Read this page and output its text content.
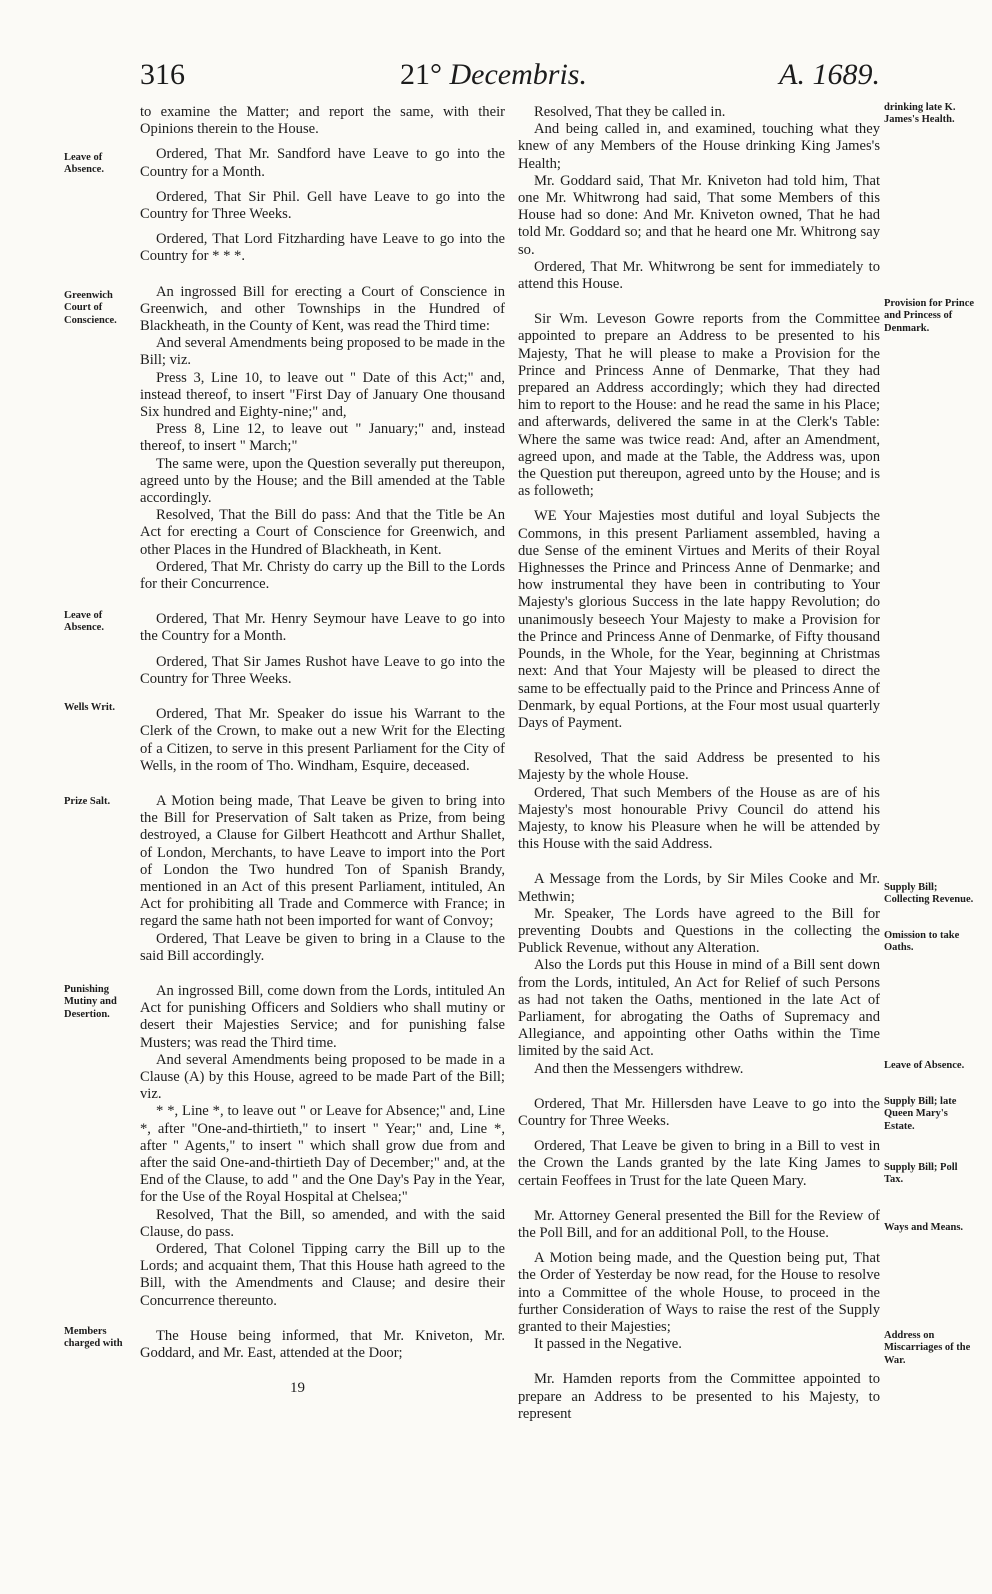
316	21° Decembris.	A. 1689.
Leave of Absence.
Greenwich Court of Conscience.
Leave of Absence.
Wells Writ.
Prize Salt.
Punishing Mutiny and Desertion.
Members charged with
drinking late K. James's Health.
Provision for Prince and Princess of Denmark.
Supply Bill; Collecting Revenue.
Omission to take Oaths.
Leave of Absence.
Supply Bill; late Queen Mary's Estate.
Supply Bill; Poll Tax.
Ways and Means.
Address on Miscarriages of the War.

to examine the Matter; and report the same, with their Opinions therein to the House.

Ordered, That Mr. Sandford have Leave to go into the Country for a Month.

Ordered, That Sir Phil. Gell have Leave to go into the Country for Three Weeks.

Ordered, That Lord Fitzharding have Leave to go into the Country for * * *.

An ingrossed Bill for erecting a Court of Conscience in Greenwich, and other Townships in the Hundred of Blackheath, in the County of Kent, was read the Third time:

And several Amendments being proposed to be made in the Bill; viz.

Press 3, Line 10, to leave out " Date of this Act;" and, instead thereof, to insert "First Day of January One thousand Six hundred and Eighty-nine;" and,

Press 8, Line 12, to leave out " January;" and, instead thereof, to insert " March;"

The same were, upon the Question severally put thereupon, agreed unto by the House; and the Bill amended at the Table accordingly.

Resolved, That the Bill do pass: And that the Title be An Act for erecting a Court of Conscience for Greenwich, and other Places in the Hundred of Blackheath, in Kent.

Ordered, That Mr. Christy do carry up the Bill to the Lords for their Concurrence.

Ordered, That Mr. Henry Seymour have Leave to go into the Country for a Month.

Ordered, That Sir James Rushot have Leave to go into the Country for Three Weeks.

Ordered, That Mr. Speaker do issue his Warrant to the Clerk of the Crown, to make out a new Writ for the Electing of a Citizen, to serve in this present Parliament for the City of Wells, in the room of Tho. Windham, Esquire, deceased.

A Motion being made, That Leave be given to bring into the Bill for Preservation of Salt taken as Prize, from being destroyed, a Clause for Gilbert Heathcott and Arthur Shallet, of London, Merchants, to have Leave to import into the Port of London the Two hundred Ton of Spanish Brandy, mentioned in an Act of this present Parliament, intituled, An Act for prohibiting all Trade and Commerce with France; in regard the same hath not been imported for want of Convoy;

Ordered, That Leave be given to bring in a Clause to the said Bill accordingly.

An ingrossed Bill, come down from the Lords, intituled An Act for punishing Officers and Soldiers who shall mutiny or desert their Majesties Service; and for punishing false Musters; was read the Third time.

And several Amendments being proposed to be made in a Clause (A) by this House, agreed to be made Part of the Bill; viz.

* *, Line *, to leave out " or Leave for Absence;" and, Line *, after "One-and-thirtieth," to insert " Year;" and, Line *, after " Agents," to insert " which shall grow due from and after the said One-and-thirtieth Day of December;" and, at the End of the Clause, to add " and the One Day's Pay in the Year, for the Use of the Royal Hospital at Chelsea;"

Resolved, That the Bill, so amended, and with the said Clause, do pass.

Ordered, That Colonel Tipping carry the Bill up to the Lords; and acquaint them, That this House hath agreed to the Bill, with the Amendments and Clause; and desire their Concurrence thereunto.

The House being informed, that Mr. Kniveton, Mr. Goddard, and Mr. East, attended at the Door;

Resolved, That they be called in.

And being called in, and examined, touching what they knew of any Members of the House drinking King James's Health;

Mr. Goddard said, That Mr. Kniveton had told him, That one Mr. Whitwrong had said, That some Members of this House had so done: And Mr. Kniveton owned, That he had told Mr. Goddard so; and that he heard one Mr. Whitrong say so.

Ordered, That Mr. Whitwrong be sent for immediately to attend this House.

Sir Wm. Leveson Gowre reports from the Committee appointed to prepare an Address to be presented to his Majesty, That he will please to make a Provision for the Prince and Princess Anne of Denmarke, That they had prepared an Address accordingly; which they had directed him to report to the House: and he read the same in his Place; and afterwards, delivered the same in at the Clerk's Table: Where the same was twice read: And, after an Amendment, agreed upon, and made at the Table, the Address was, upon the Question put thereupon, agreed unto by the House; and is as followeth;

WE Your Majesties most dutiful and loyal Subjects the Commons, in this present Parliament assembled, having a due Sense of the eminent Virtues and Merits of their Royal Highnesses the Prince and Princess Anne of Denmarke; and how instrumental they have been in contributing to Your Majesty's glorious Success in the late happy Revolution; do unanimously beseech Your Majesty to make a Provision for the Prince and Princess Anne of Denmarke, of Fifty thousand Pounds, in the Whole, for the Year, beginning at Christmas next: And that Your Majesty will be pleased to direct the same to be effectually paid to the Prince and Princess Anne of Denmark, by equal Portions, at the Four most usual quarterly Days of Payment.

Resolved, That the said Address be presented to his Majesty by the whole House.

Ordered, That such Members of the House as are of his Majesty's most honourable Privy Council do attend his Majesty, to know his Pleasure when he will be attended by this House with the said Address.

A Message from the Lords, by Sir Miles Cooke and Mr. Methwin;

Mr. Speaker, The Lords have agreed to the Bill for preventing Doubts and Questions in the collecting the Publick Revenue, without any Alteration.

Also the Lords put this House in mind of a Bill sent down from the Lords, intituled, An Act for Relief of such Persons as had not taken the Oaths, mentioned in the late Act of Parliament, for abrogating the Oaths of Supremacy and Allegiance, and appointing other Oaths within the Time limited by the said Act.

And then the Messengers withdrew.

Ordered, That Mr. Hillersden have Leave to go into the Country for Three Weeks.

Ordered, That Leave be given to bring in a Bill to vest in the Crown the Lands granted by the late King James to certain Feoffees in Trust for the late Queen Mary.

Mr. Attorney General presented the Bill for the Review of the Poll Bill, and for an additional Poll, to the House.

A Motion being made, and the Question being put, That the Order of Yesterday be now read, for the House to resolve into a Committee of the whole House, to proceed in the further Consideration of Ways to raise the rest of the Supply granted to their Majesties;

It passed in the Negative.

Mr. Hamden reports from the Committee appointed to prepare an Address to be presented to his Majesty, to represent

19
